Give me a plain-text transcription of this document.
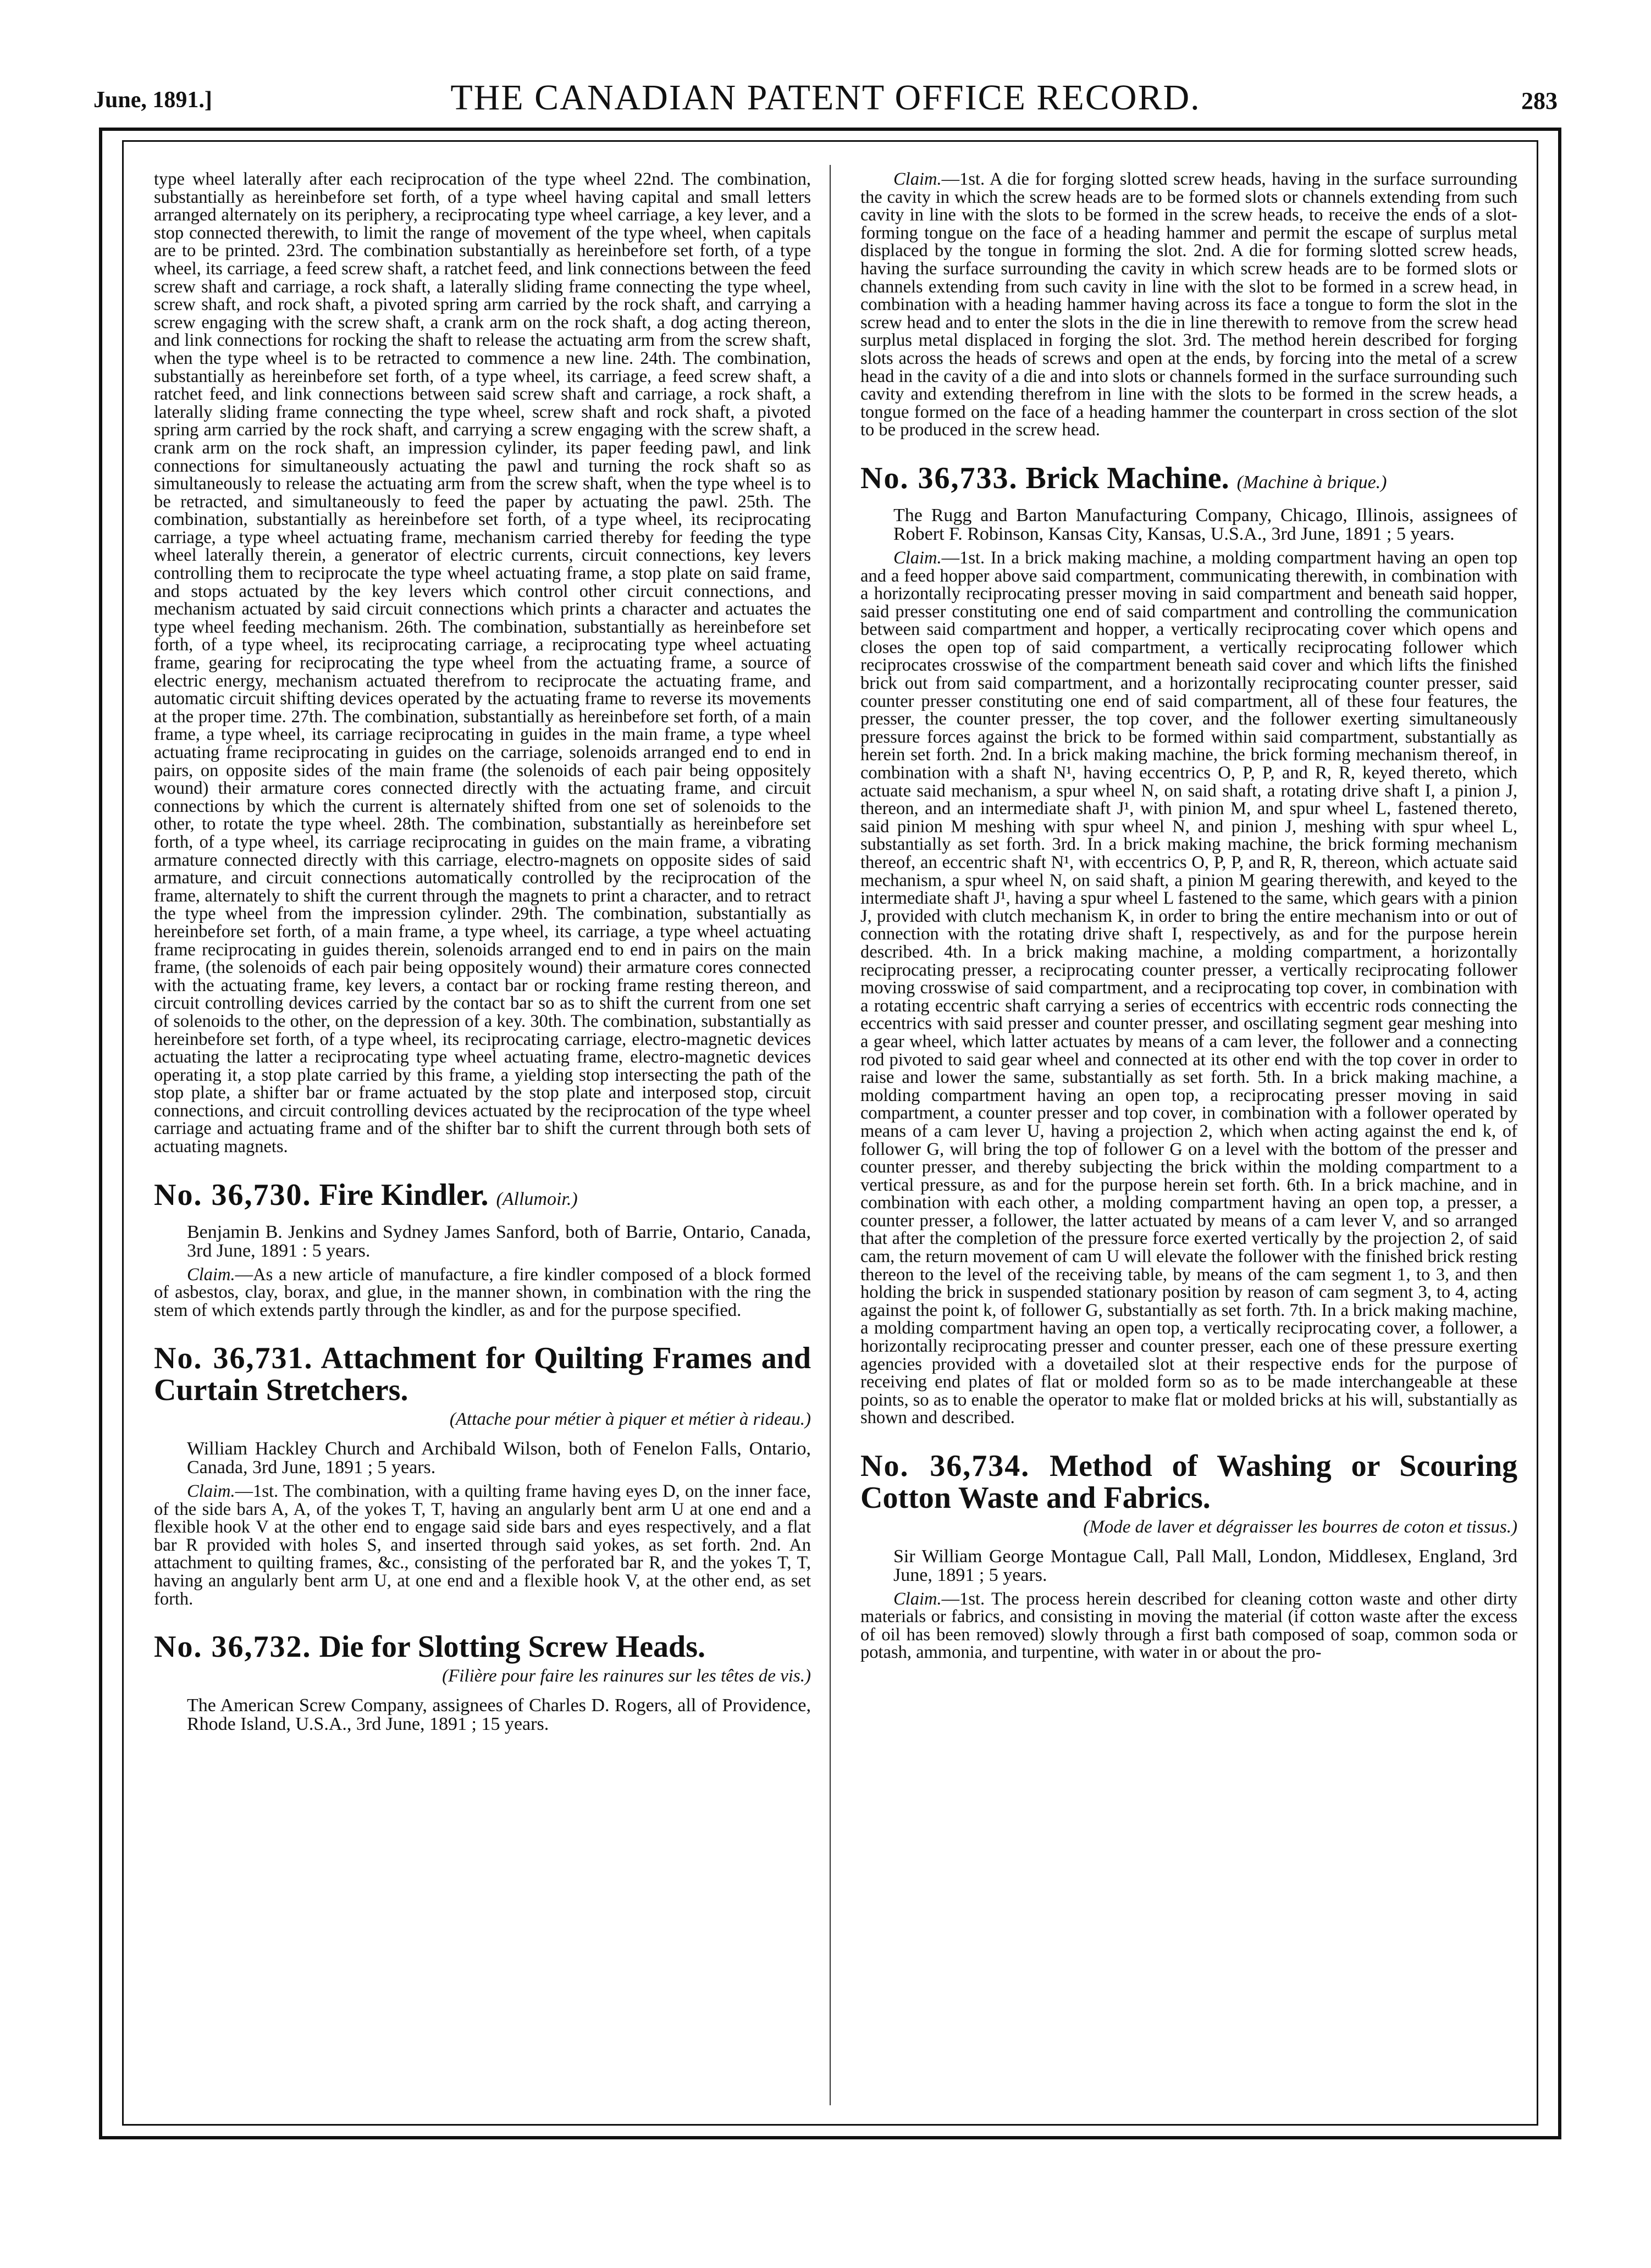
June, 1891.]	THE CANADIAN PATENT OFFICE RECORD.	283

type wheel laterally after each reciprocation of the type wheel 22nd. The combination, substantially as hereinbefore set forth, of a type wheel having capital and small letters arranged alternately on its periphery, a reciprocating type wheel carriage, a key lever, and a stop connected therewith, to limit the range of movement of the type wheel, when capitals are to be printed. 23rd. The combination substantially as hereinbefore set forth, of a type wheel, its carriage, a feed screw shaft, a ratchet feed, and link connections between the feed screw shaft and carriage, a rock shaft, a laterally sliding frame connecting the type wheel, screw shaft, and rock shaft, a pivoted spring arm carried by the rock shaft, and carrying a screw engaging with the screw shaft, a crank arm on the rock shaft, a dog acting thereon, and link connections for rocking the shaft to release the actuating arm from the screw shaft, when the type wheel is to be retracted to commence a new line. 24th. The combination, substantially as hereinbefore set forth, of a type wheel, its carriage, a feed screw shaft, a ratchet feed, and link connections between said screw shaft and carriage, a rock shaft, a laterally sliding frame connecting the type wheel, screw shaft and rock shaft, a pivoted spring arm carried by the rock shaft, and carrying a screw engaging with the screw shaft, a crank arm on the rock shaft, an impression cylinder, its paper feeding pawl, and link connections for simultaneously actuating the pawl and turning the rock shaft so as simultaneously to release the actuating arm from the screw shaft, when the type wheel is to be retracted, and simultaneously to feed the paper by actuating the pawl. 25th. The combination, substantially as hereinbefore set forth, of a type wheel, its reciprocating carriage, a type wheel actuating frame, mechanism carried thereby for feeding the type wheel laterally therein, a generator of electric currents, circuit connections, key levers controlling them to reciprocate the type wheel actuating frame, a stop plate on said frame, and stops actuated by the key levers which control other circuit connections, and mechanism actuated by said circuit connections which prints a character and actuates the type wheel feeding mechanism. 26th. The combination, substantially as hereinbefore set forth, of a type wheel, its reciprocating carriage, a reciprocating type wheel actuating frame, gearing for reciprocating the type wheel from the actuating frame, a source of electric energy, mechanism actuated therefrom to reciprocate the actuating frame, and automatic circuit shifting devices operated by the actuating frame to reverse its movements at the proper time. 27th. The combination, substantially as hereinbefore set forth, of a main frame, a type wheel, its carriage reciprocating in guides in the main frame, a type wheel actuating frame reciprocating in guides on the carriage, solenoids arranged end to end in pairs, on opposite sides of the main frame (the solenoids of each pair being oppositely wound) their armature cores connected directly with the actuating frame, and circuit connections by which the current is alternately shifted from one set of solenoids to the other, to rotate the type wheel. 28th. The combination, substantially as hereinbefore set forth, of a type wheel, its carriage reciprocating in guides on the main frame, a vibrating armature connected directly with this carriage, electro-magnets on opposite sides of said armature, and circuit connections automatically controlled by the reciprocation of the frame, alternately to shift the current through the magnets to print a character, and to retract the type wheel from the impression cylinder. 29th. The combination, substantially as hereinbefore set forth, of a main frame, a type wheel, its carriage, a type wheel actuating frame reciprocating in guides therein, solenoids arranged end to end in pairs on the main frame, (the solenoids of each pair being oppositely wound) their armature cores connected with the actuating frame, key levers, a contact bar or rocking frame resting thereon, and circuit controlling devices carried by the contact bar so as to shift the current from one set of solenoids to the other, on the depression of a key. 30th. The combination, substantially as hereinbefore set forth, of a type wheel, its reciprocating carriage, electro-magnetic devices actuating the latter a reciprocating type wheel actuating frame, electro-magnetic devices operating it, a stop plate carried by this frame, a yielding stop intersecting the path of the stop plate, a shifter bar or frame actuated by the stop plate and interposed stop, circuit connections, and circuit controlling devices actuated by the reciprocation of the type wheel carriage and actuating frame and of the shifter bar to shift the current through both sets of actuating magnets.

No. 36,730. Fire Kindler. (Allumoir.)

Benjamin B. Jenkins and Sydney James Sanford, both of Barrie, Ontario, Canada, 3rd June, 1891 : 5 years.

Claim.—As a new article of manufacture, a fire kindler composed of a block formed of asbestos, clay, borax, and glue, in the manner shown, in combination with the ring the stem of which extends partly through the kindler, as and for the purpose specified.

No. 36,731. Attachment for Quilting Frames and Curtain Stretchers.

(Attache pour métier à piquer et métier à rideau.)

William Hackley Church and Archibald Wilson, both of Fenelon Falls, Ontario, Canada, 3rd June, 1891 ; 5 years.

Claim.—1st. The combination, with a quilting frame having eyes D, on the inner face, of the side bars A, A, of the yokes T, T, having an angularly bent arm U at one end and a flexible hook V at the other end to engage said side bars and eyes respectively, and a flat bar R provided with holes S, and inserted through said yokes, as set forth. 2nd. An attachment to quilting frames, &c., consisting of the perforated bar R, and the yokes T, T, having an angularly bent arm U, at one end and a flexible hook V, at the other end, as set forth.

No. 36,732. Die for Slotting Screw Heads.

(Filière pour faire les rainures sur les têtes de vis.)

The American Screw Company, assignees of Charles D. Rogers, all of Providence, Rhode Island, U.S.A., 3rd June, 1891 ; 15 years.

Claim.—1st. A die for forging slotted screw heads, having in the surface surrounding the cavity in which the screw heads are to be formed slots or channels extending from such cavity in line with the slots to be formed in the screw heads, to receive the ends of a slot-forming tongue on the face of a heading hammer and permit the escape of surplus metal displaced by the tongue in forming the slot. 2nd. A die for forming slotted screw heads, having the surface surrounding the cavity in which screw heads are to be formed slots or channels extending from such cavity in line with the slot to be formed in a screw head, in combination with a heading hammer having across its face a tongue to form the slot in the screw head and to enter the slots in the die in line therewith to remove from the screw head surplus metal displaced in forging the slot. 3rd. The method herein described for forging slots across the heads of screws and open at the ends, by forcing into the metal of a screw head in the cavity of a die and into slots or channels formed in the surface surrounding such cavity and extending therefrom in line with the slots to be formed in the screw heads, a tongue formed on the face of a heading hammer the counterpart in cross section of the slot to be produced in the screw head.

No. 36,733. Brick Machine. (Machine à brique.)

The Rugg and Barton Manufacturing Company, Chicago, Illinois, assignees of Robert F. Robinson, Kansas City, Kansas, U.S.A., 3rd June, 1891 ; 5 years.

Claim.—1st. In a brick making machine, a molding compartment having an open top and a feed hopper above said compartment, communicating therewith, in combination with a horizontally reciprocating presser moving in said compartment and beneath said hopper, said presser constituting one end of said compartment and controlling the communication between said compartment and hopper, a vertically reciprocating cover which opens and closes the open top of said compartment, a vertically reciprocating follower which reciprocates crosswise of the compartment beneath said cover and which lifts the finished brick out from said compartment, and a horizontally reciprocating counter presser, said counter presser constituting one end of said compartment, all of these four features, the presser, the counter presser, the top cover, and the follower exerting simultaneously pressure forces against the brick to be formed within said compartment, substantially as herein set forth. 2nd. In a brick making machine, the brick forming mechanism thereof, in combination with a shaft N¹, having eccentrics O, P, P, and R, R, keyed thereto, which actuate said mechanism, a spur wheel N, on said shaft, a rotating drive shaft I, a pinion J, thereon, and an intermediate shaft J¹, with pinion M, and spur wheel L, fastened thereto, said pinion M meshing with spur wheel N, and pinion J, meshing with spur wheel L, substantially as set forth. 3rd. In a brick making machine, the brick forming mechanism thereof, an eccentric shaft N¹, with eccentrics O, P, P, and R, R, thereon, which actuate said mechanism, a spur wheel N, on said shaft, a pinion M gearing therewith, and keyed to the intermediate shaft J¹, having a spur wheel L fastened to the same, which gears with a pinion J, provided with clutch mechanism K, in order to bring the entire mechanism into or out of connection with the rotating drive shaft I, respectively, as and for the purpose herein described. 4th. In a brick making machine, a molding compartment, a horizontally reciprocating presser, a reciprocating counter presser, a vertically reciprocating follower moving crosswise of said compartment, and a reciprocating top cover, in combination with a rotating eccentric shaft carrying a series of eccentrics with eccentric rods connecting the eccentrics with said presser and counter presser, and oscillating segment gear meshing into a gear wheel, which latter actuates by means of a cam lever, the follower and a connecting rod pivoted to said gear wheel and connected at its other end with the top cover in order to raise and lower the same, substantially as set forth. 5th. In a brick making machine, a molding compartment having an open top, a reciprocating presser moving in said compartment, a counter presser and top cover, in combination with a follower operated by means of a cam lever U, having a projection 2, which when acting against the end k, of follower G, will bring the top of follower G on a level with the bottom of the presser and counter presser, and thereby subjecting the brick within the molding compartment to a vertical pressure, as and for the purpose herein set forth. 6th. In a brick machine, and in combination with each other, a molding compartment having an open top, a presser, a counter presser, a follower, the latter actuated by means of a cam lever V, and so arranged that after the completion of the pressure force exerted vertically by the projection 2, of said cam, the return movement of cam U will elevate the follower with the finished brick resting thereon to the level of the receiving table, by means of the cam segment 1, to 3, and then holding the brick in suspended stationary position by reason of cam segment 3, to 4, acting against the point k, of follower G, substantially as set forth. 7th. In a brick making machine, a molding compartment having an open top, a vertically reciprocating cover, a follower, a horizontally reciprocating presser and counter presser, each one of these pressure exerting agencies provided with a dovetailed slot at their respective ends for the purpose of receiving end plates of flat or molded form so as to be made interchangeable at these points, so as to enable the operator to make flat or molded bricks at his will, substantially as shown and described.

No. 36,734. Method of Washing or Scouring Cotton Waste and Fabrics.

(Mode de laver et dégraisser les bourres de coton et tissus.)

Sir William George Montague Call, Pall Mall, London, Middlesex, England, 3rd June, 1891 ; 5 years.

Claim.—1st. The process herein described for cleaning cotton waste and other dirty materials or fabrics, and consisting in moving the material (if cotton waste after the excess of oil has been removed) slowly through a first bath composed of soap, common soda or potash, ammonia, and turpentine, with water in or about the pro-
